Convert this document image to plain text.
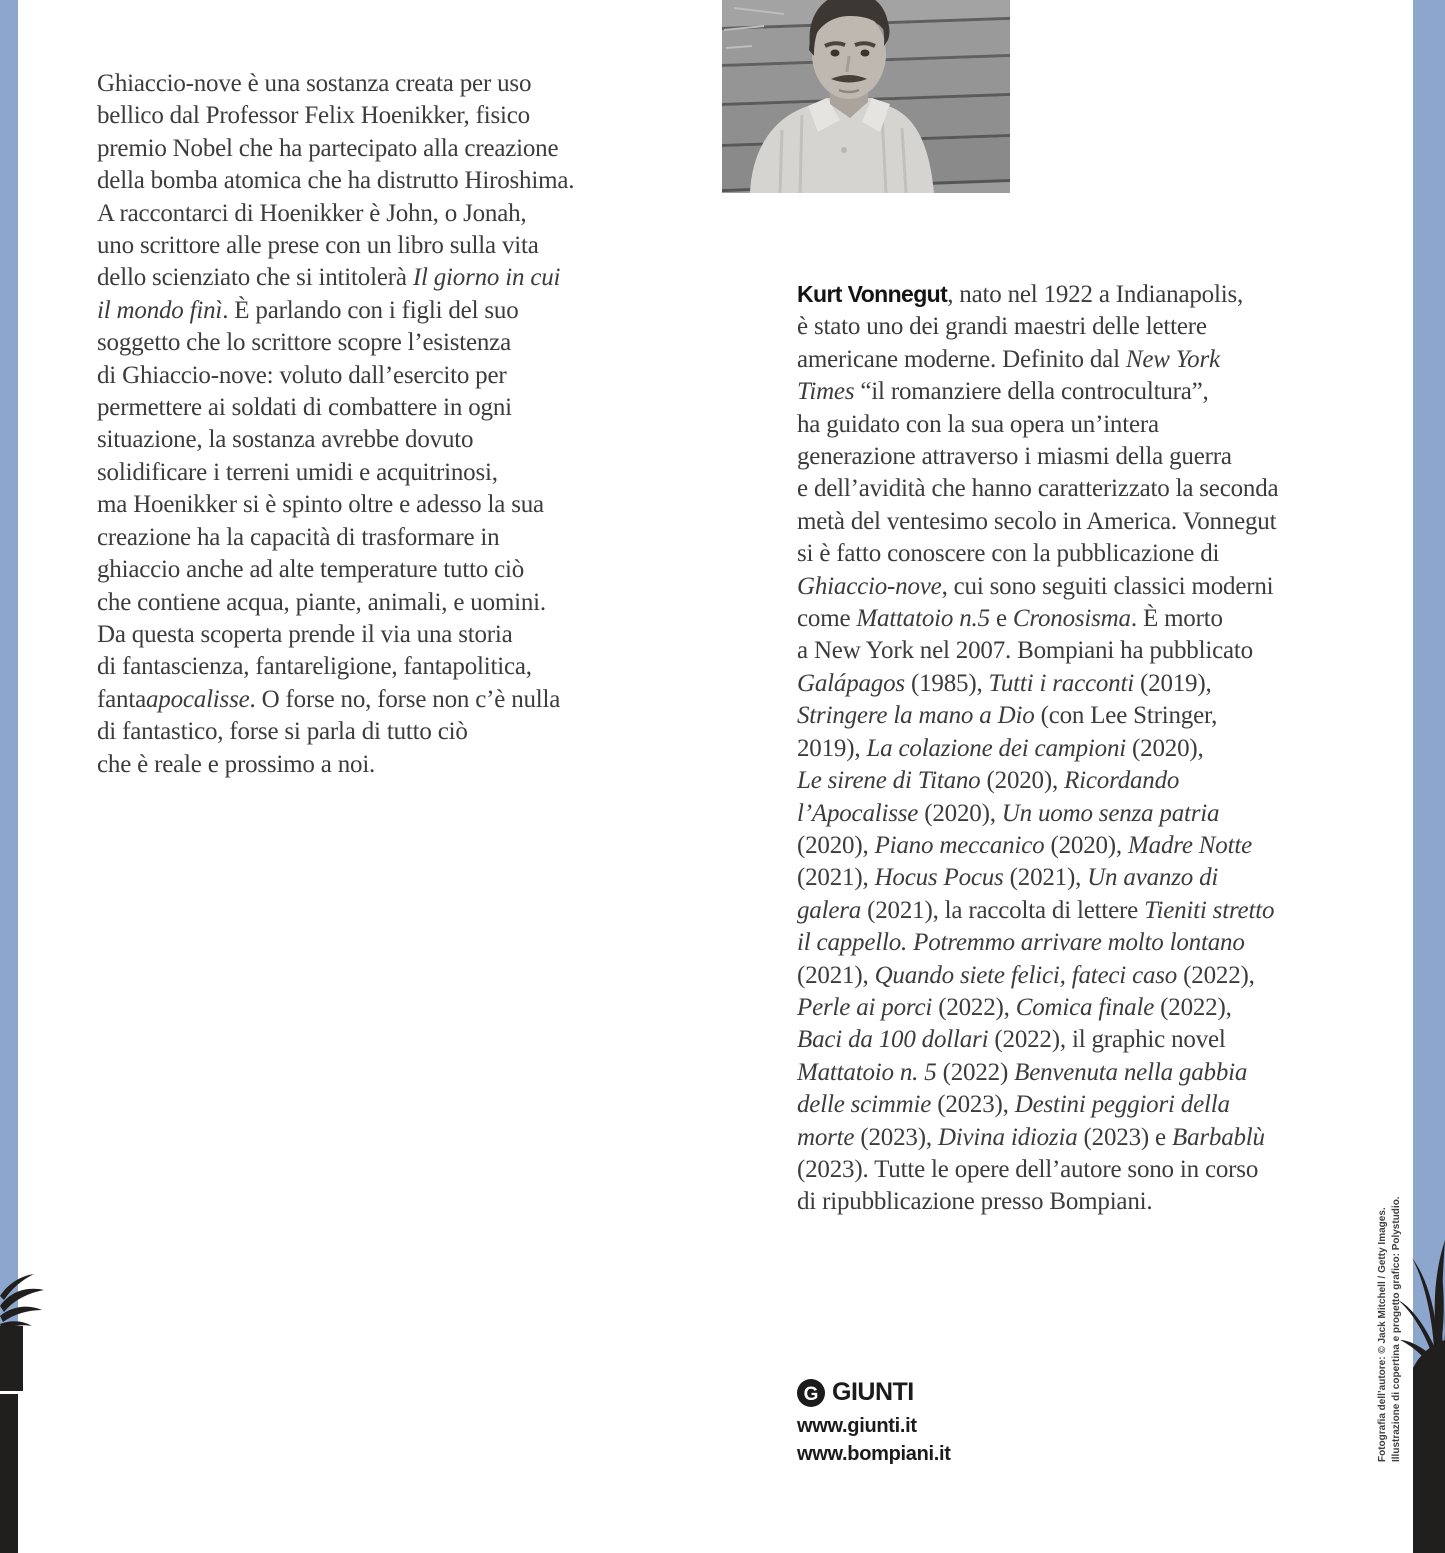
Ghiaccio-nove è una sostanza creata per uso
bellico dal Professor Felix Hoenikker, fisico
premio Nobel che ha partecipato alla creazione
della bomba atomica che ha distrutto Hiroshima.
A raccontarci di Hoenikker è John, o Jonah,
uno scrittore alle prese con un libro sulla vita
dello scienziato che si intitolerà Il giorno in cui
il mondo finì. È parlando con i figli del suo
soggetto che lo scrittore scopre l’esistenza
di Ghiaccio-nove: voluto dall’esercito per
permettere ai soldati di combattere in ogni
situazione, la sostanza avrebbe dovuto
solidificare i terreni umidi e acquitrinosi,
ma Hoenikker si è spinto oltre e adesso la sua
creazione ha la capacità di trasformare in
ghiaccio anche ad alte temperature tutto ciò
che contiene acqua, piante, animali, e uomini.
Da questa scoperta prende il via una storia
di fantascienza, fantareligione, fantapolitica,
fantaapocalisse. O forse no, forse non c’è nulla
di fantastico, forse si parla di tutto ciò
che è reale e prossimo a noi.
Kurt Vonnegut, nato nel 1922 a Indianapolis,
è stato uno dei grandi maestri delle lettere
americane moderne. Definito dal New York
Times “il romanziere della controcultura”,
ha guidato con la sua opera un’intera
generazione attraverso i miasmi della guerra
e dell’avidità che hanno caratterizzato la seconda
metà del ventesimo secolo in America. Vonnegut
si è fatto conoscere con la pubblicazione di
Ghiaccio-nove, cui sono seguiti classici moderni
come Mattatoio n.5 e Cronosisma. È morto
a New York nel 2007. Bompiani ha pubblicato
Galápagos (1985), Tutti i racconti (2019),
Stringere la mano a Dio (con Lee Stringer,
2019), La colazione dei campioni (2020),
Le sirene di Titano (2020), Ricordando
l’Apocalisse (2020), Un uomo senza patria
(2020), Piano meccanico (2020), Madre Notte
(2021), Hocus Pocus (2021), Un avanzo di
galera (2021), la raccolta di lettere Tieniti stretto
il cappello. Potremmo arrivare molto lontano
(2021), Quando siete felici, fateci caso (2022),
Perle ai porci (2022), Comica finale (2022),
Baci da 100 dollari (2022), il graphic novel
Mattatoio n. 5 (2022) Benvenuta nella gabbia
delle scimmie (2023), Destini peggiori della
morte (2023), Divina idiozia (2023) e Barbablù
(2023). Tutte le opere dell’autore sono in corso
di ripubblicazione presso Bompiani.
G GIUNTI
www.giunti.it
www.bompiani.it	Fotografia dell’autore: © Jack Mitchell / Getty Images. Illustrazione di copertina e progetto grafico: Polystudio.
